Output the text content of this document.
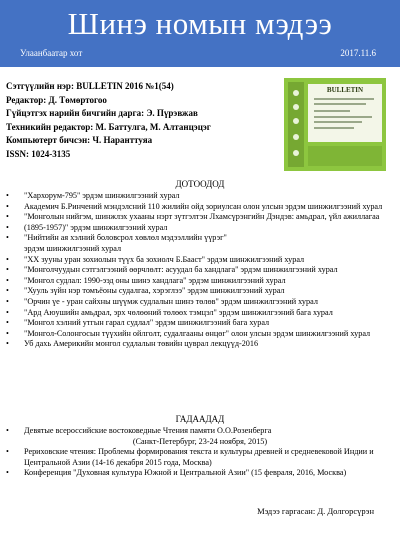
Шинэ номын мэдээ
Улаанбаатар хот	2017.11.6
Сэтгүүлийн нэр: BULLETIN 2016 №1(54)
Редактор: Д. Төмөртогоо
Гүйцэтгэх нарийн бичгийн дарга: Э. Пүрэвжав
Техникийн редактор: М. Баттулга, М. Алтанцэцэг
Компьютерт бичсэн: Ч. Наранттуяа
ISSN: 1024-3135
BULLETIN
ДОТООДОД
• "Хархорум-795" эрдэм шинжилгээний хурал
• Академич Б.Ринчений мэндэлсний 110 жилийн ойд зориулсан олон улсын эрдэм шинжилгээний хурал
• "Монголын нийгэм, шинжлэх ухааны нэрт зүтгэлтэн Лхамсүрэнгийн Дэндэв: амьдрал, үйл ажиллагаа
• (1895-1957)" эрдэм шинжилгээний хурал
• "Нийтийн ая хэлний боловсрол хөвлөл мэдээллийн үүрэг"
эрдэм шинжилгээний хурал
• "XX зууны уран зохиолын түүх ба зохиолч Б.Бааст" эрдэм шинжилгээний хурал
• "Монголчуудын сэтгэлгээний өөрчлөлт: асуудал ба хандлага" эрдэм шинжилгээний хурал
• "Монгол судлал: 1990-ээд оны шинэ хандлага" эрдэм шинжилгээний хурал
• "Хууль зүйн нэр томъёоны судалгаа, хэрэглээ" эрдэм шинжилгээний хурал
• "Орчин үе - уран сайхны шүүмж судлалын шинэ төлөв" эрдэм шинжилгээний хурал
• "Ард Аюушийн амьдрал, эрх чөлөөний төлөөх тэмцэл" эрдэм шинжилгээний бага хурал
• "Монгол хэлний утгын гарал судлал" эрдэм шинжилгээний бага хурал
• "Монгол-Солонгосын түүхийн ойлголт, судалгааны өнцөг" олон улсын эрдэм шинжилгээний хурал
• Уб дахь Америкийн монгол судлалын төвийн цуврал лекцүүд-2016
ГАДААДАД
• Девятые всероссийские востоковедные Чтения памяти О.О.Розенберга
(Санкт-Петербург, 23-24 ноября, 2015)
• Рериховские чтения: Проблемы формирования текста и культуры древней и средневековой Индии и Центральной Азии (14-16 декабря 2015 года, Москва)
• Конференция "Духовная культура Южной и Центральной Азии" (15 февраля, 2016, Москва)
Мэдээ гаргасан: Д. Долгорсүрэн
